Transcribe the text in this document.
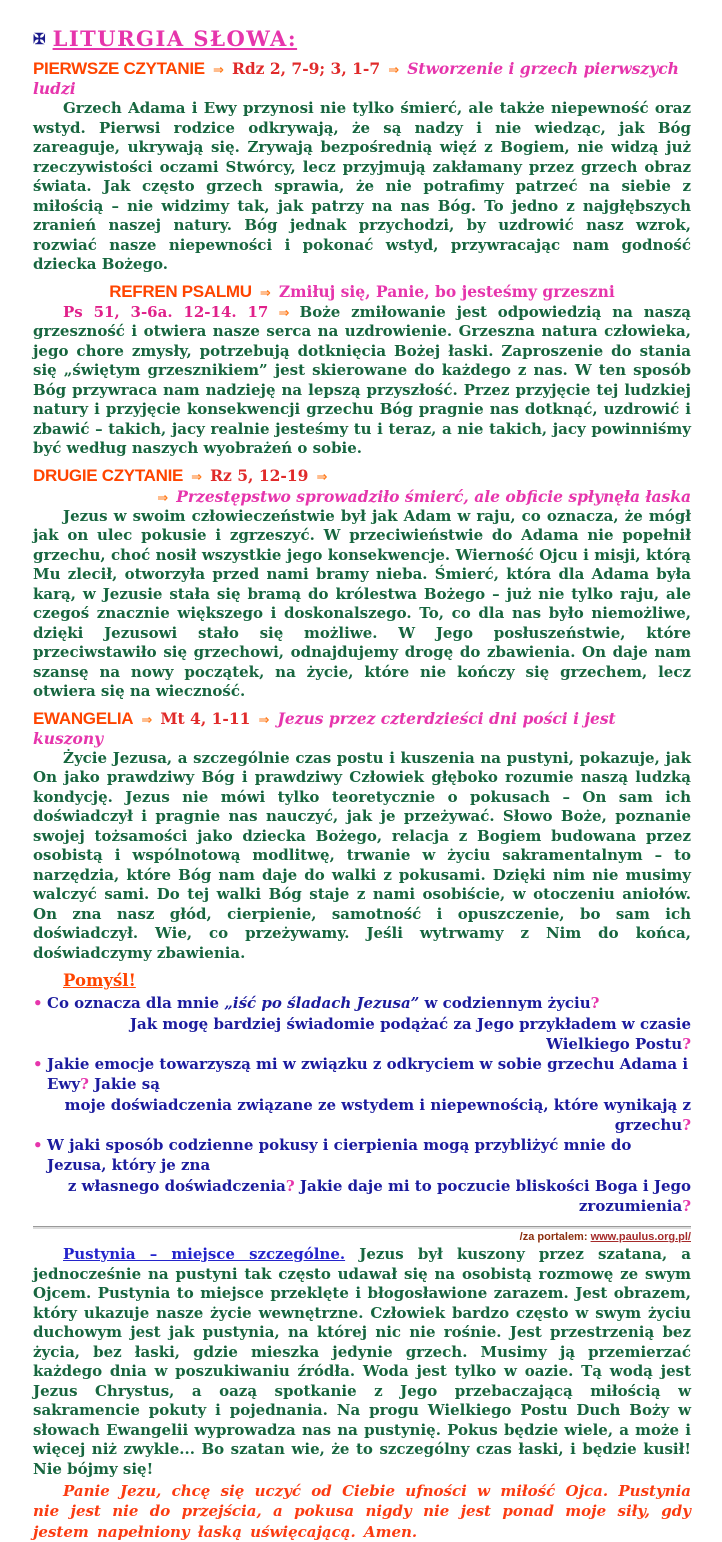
✠ LITURGIA SŁOWA:
PIERWSZE CZYTANIE ⇒ Rdz 2, 7-9; 3, 1-7 ⇒ Stworzenie i grzech pierwszych ludzi

Grzech Adama i Ewy przynosi nie tylko śmierć, ale także niepewność oraz wstyd. Pierwsi rodzice odkrywają, że są nadzy i nie wiedząc, jak Bóg zareaguje, ukrywają się. Zrywają bezpośrednią więź z Bogiem, nie widzą już rzeczywistości oczami Stwórcy, lecz przyjmują zakłamany przez grzech obraz świata. Jak często grzech sprawia, że nie potrafimy patrzeć na siebie z miłością – nie widzimy tak, jak patrzy na nas Bóg. To jedno z najgłębszych zranień naszej natury. Bóg jednak przychodzi, by uzdrowić nasz wzrok, rozwiać nasze niepewności i pokonać wstyd, przywracając nam godność dziecka Bożego.

REFREN PSALMU ⇒ Zmiłuj się, Panie, bo jesteśmy grzeszni

Ps 51, 3-6a. 12-14. 17 ⇒ Boże zmiłowanie jest odpowiedzią na naszą grzeszność i otwiera nasze serca na uzdrowienie. Grzeszna natura człowieka, jego chore zmysły, potrzebują dotknięcia Bożej łaski. Zaproszenie do stania się „świętym grzesznikiem” jest skierowane do każdego z nas. W ten sposób Bóg przywraca nam nadzieję na lepszą przyszłość. Przez przyjęcie tej ludzkiej natury i przyjęcie konsekwencji grzechu Bóg pragnie nas dotknąć, uzdrowić i zbawić – takich, jacy realnie jesteśmy tu i teraz, a nie takich, jacy powinniśmy być według naszych wyobrażeń o sobie.

DRUGIE CZYTANIE ⇒ Rz 5, 12-19 ⇒
⇒ Przestępstwo sprowadziło śmierć, ale obficie spłynęła łaska

Jezus w swoim człowieczeństwie był jak Adam w raju, co oznacza, że mógł jak on ulec pokusie i zgrzeszyć. W przeciwieństwie do Adama nie popełnił grzechu, choć nosił wszystkie jego konsekwencje. Wierność Ojcu i misji, którą Mu zlecił, otworzyła przed nami bramy nieba. Śmierć, która dla Adama była karą, w Jezusie stała się bramą do królestwa Bożego – już nie tylko raju, ale czegoś znacznie większego i doskonalszego. To, co dla nas było niemożliwe, dzięki Jezusowi stało się możliwe. W Jego posłuszeństwie, które przeciwstawiło się grzechowi, odnajdujemy drogę do zbawienia. On daje nam szansę na nowy początek, na życie, które nie kończy się grzechem, lecz otwiera się na wieczność.

EWANGELIA ⇒ Mt 4, 1-11 ⇒ Jezus przez czterdzieści dni pości i jest kuszony

Życie Jezusa, a szczególnie czas postu i kuszenia na pustyni, pokazuje, jak On jako prawdziwy Bóg i prawdziwy Człowiek głęboko rozumie naszą ludzką kondycję. Jezus nie mówi tylko teoretycznie o pokusach – On sam ich doświadczył i pragnie nas nauczyć, jak je przeżywać. Słowo Boże, poznanie swojej tożsamości jako dziecka Bożego, relacja z Bogiem budowana przez osobistą i wspólnotową modlitwę, trwanie w życiu sakramentalnym – to narzędzia, które Bóg nam daje do walki z pokusami. Dzięki nim nie musimy walczyć sami. Do tej walki Bóg staje z nami osobiście, w otoczeniu aniołów. On zna nasz głód, cierpienie, samotność i opuszczenie, bo sam ich doświadczył. Wie, co przeżywamy. Jeśli wytrwamy z Nim do końca, doświadczymy zbawienia.

Pomyśl!
• Co oznacza dla mnie „iść po śladach Jezusa” w codziennym życiu?
Jak mogę bardziej świadomie podążać za Jego przykładem w czasie Wielkiego Postu?
• Jakie emocje towarzyszą mi w związku z odkryciem w sobie grzechu Adama i Ewy? Jakie są
moje doświadczenia związane ze wstydem i niepewnością, które wynikają z grzechu?
• W jaki sposób codzienne pokusy i cierpienia mogą przybliżyć mnie do Jezusa, który je zna
z własnego doświadczenia? Jakie daje mi to poczucie bliskości Boga i Jego zrozumienia?
/za portalem: www.paulus.org.pl/

Pustynia – miejsce szczególne. Jezus był kuszony przez szatana, a jednocześnie na pustyni tak często udawał się na osobistą rozmowę ze swym Ojcem. Pustynia to miejsce przeklęte i błogosławione zarazem. Jest obrazem, który ukazuje nasze życie wewnętrzne. Człowiek bardzo często w swym życiu duchowym jest jak pustynia, na której nic nie rośnie. Jest przestrzenią bez życia, bez łaski, gdzie mieszka jedynie grzech. Musimy ją przemierzać każdego dnia w poszukiwaniu źródła. Woda jest tylko w oazie. Tą wodą jest Jezus Chrystus, a oazą spotkanie z Jego przebaczającą miłością w sakramencie pokuty i pojednania. Na progu Wielkiego Postu Duch Boży w słowach Ewangelii wyprowadza nas na pustynię. Pokus będzie wiele, a może i więcej niż zwykle... Bo szatan wie, że to szczególny czas łaski, i będzie kusił! Nie bójmy się!

Panie Jezu, chcę się uczyć od Ciebie ufności w miłość Ojca. Pustynia nie jest nie do przejścia, a pokusa nigdy nie jest ponad moje siły, gdy jestem napełniony łaską uświęcającą. Amen.
